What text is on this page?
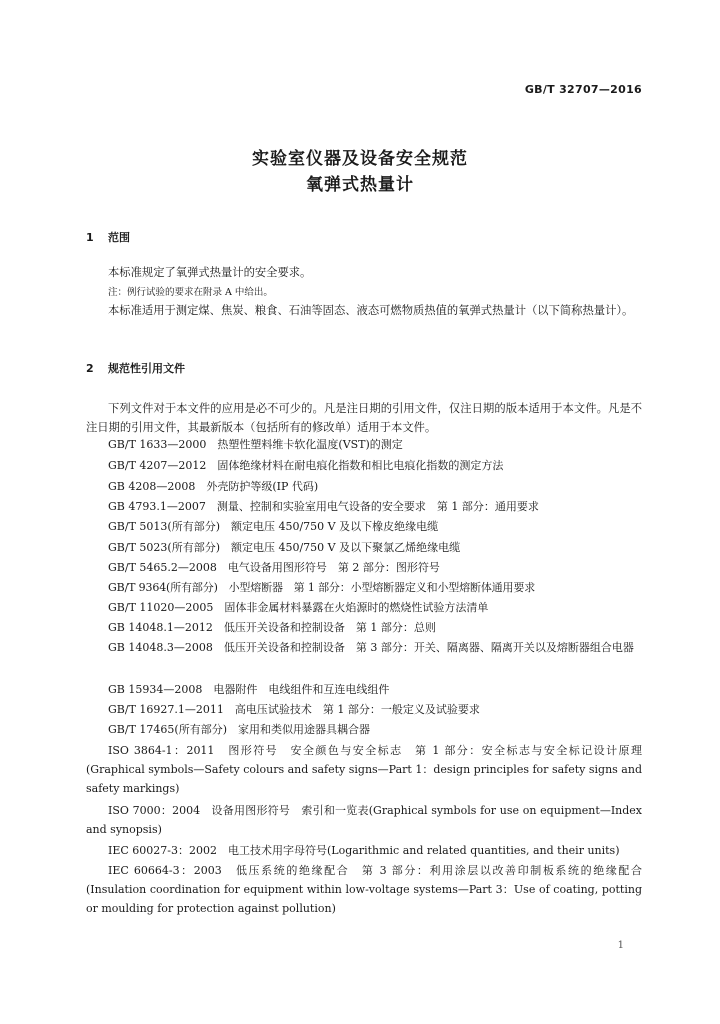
GB/T 32707—2016
实验室仪器及设备安全规范
氧弹式热量计
1 范围
本标准规定了氧弹式热量计的安全要求。
注：例行试验的要求在附录 A 中给出。
本标准适用于测定煤、焦炭、粮食、石油等固态、液态可燃物质热值的氧弹式热量计（以下简称热量计）。
2 规范性引用文件
下列文件对于本文件的应用是必不可少的。凡是注日期的引用文件，仅注日期的版本适用于本文件。凡是不注日期的引用文件，其最新版本（包括所有的修改单）适用于本文件。
GB/T 1633—2000　热塑性塑料维卡软化温度(VST)的测定
GB/T 4207—2012　固体绝缘材料在耐电痕化指数和相比电痕化指数的测定方法
GB 4208—2008　外壳防护等级(IP 代码)
GB 4793.1—2007　测量、控制和实验室用电气设备的安全要求　第 1 部分：通用要求
GB/T 5013(所有部分)　额定电压 450/750 V 及以下橡皮绝缘电缆
GB/T 5023(所有部分)　额定电压 450/750 V 及以下聚氯乙烯绝缘电缆
GB/T 5465.2—2008　电气设备用图形符号　第 2 部分：图形符号
GB/T 9364(所有部分)　小型熔断器　第 1 部分：小型熔断器定义和小型熔断体通用要求
GB/T 11020—2005　固体非金属材料暴露在火焰源时的燃烧性试验方法清单
GB 14048.1—2012　低压开关设备和控制设备　第 1 部分：总则
GB 14048.3—2008　低压开关设备和控制设备　第 3 部分：开关、隔离器、隔离开关以及熔断器组合电器
GB 15934—2008　电器附件　电线组件和互连电线组件
GB/T 16927.1—2011　高电压试验技术　第 1 部分：一般定义及试验要求
GB/T 17465(所有部分)　家用和类似用途器具耦合器
ISO 3864-1：2011　图形符号　安全颜色与安全标志　第 1 部分：安全标志与安全标记设计原理(Graphical symbols—Safety colours and safety signs—Part 1：design principles for safety signs and safety markings)
ISO 7000：2004　设备用图形符号　索引和一览表(Graphical symbols for use on equipment—Index and synopsis)
IEC 60027-3：2002　电工技术用字母符号(Logarithmic and related quantities, and their units)
IEC 60664-3：2003　低压系统的绝缘配合　第 3 部分：利用涂层以改善印制板系统的绝缘配合(Insulation coordination for equipment within low-voltage systems—Part 3：Use of coating, potting or moulding for protection against pollution)
1
